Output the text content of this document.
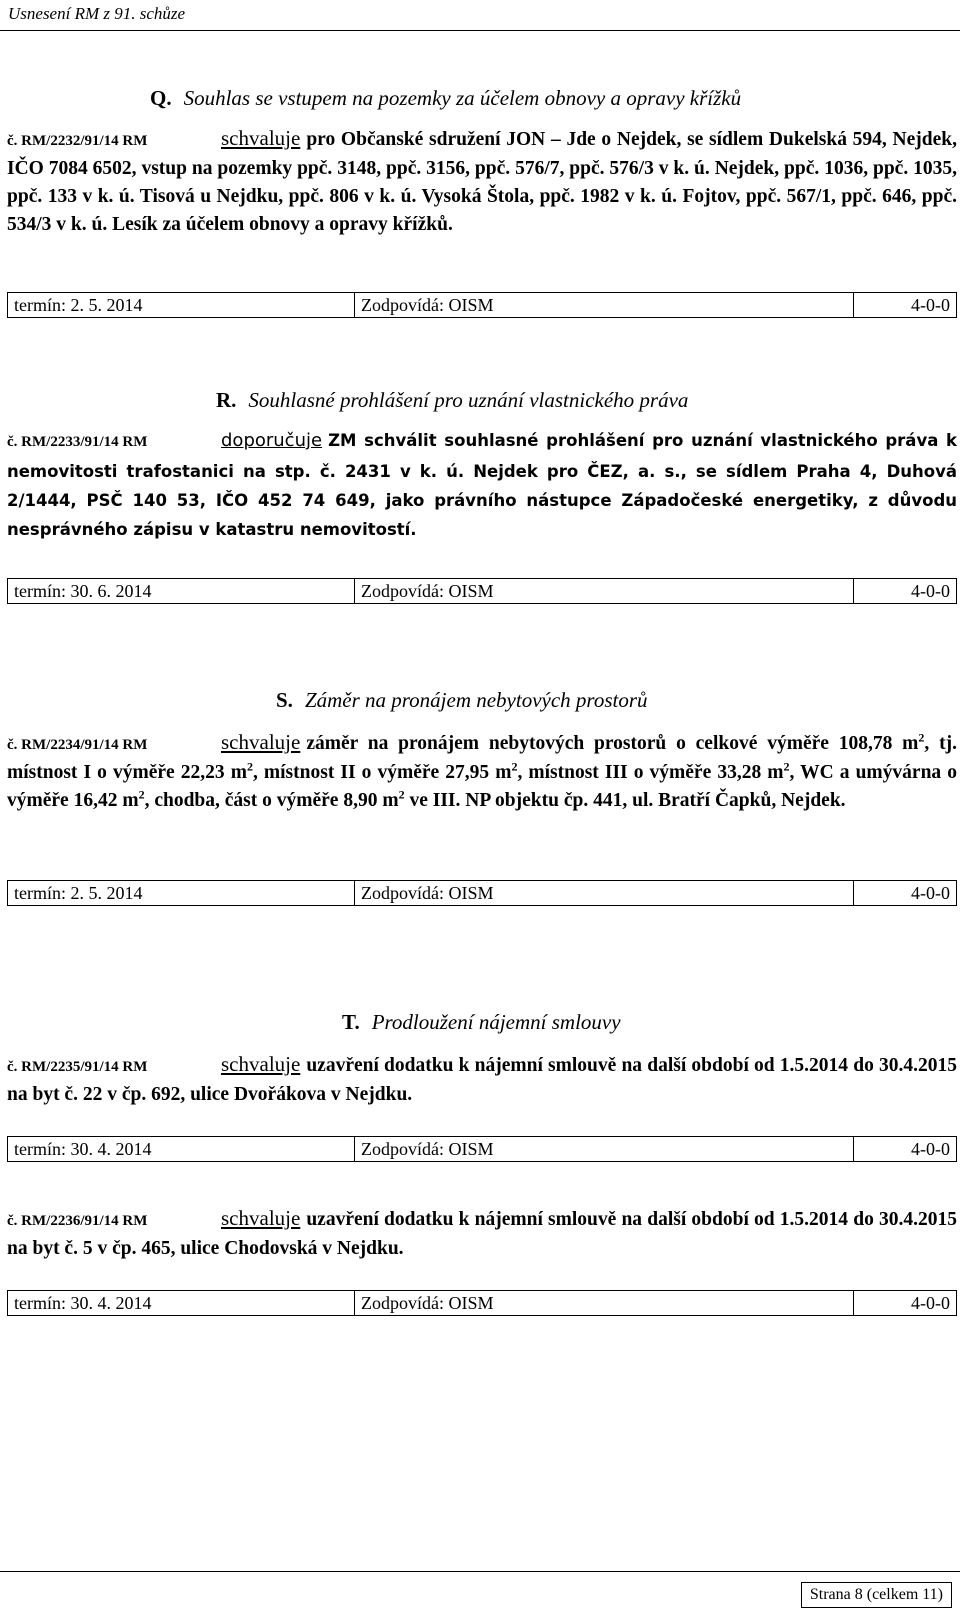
Usnesení RM z 91. schůze
Q. Souhlas se vstupem na pozemky za účelem obnovy a opravy křížků
č. RM/2232/91/14 RM	schvaluje pro Občanské sdružení JON – Jde o Nejdek, se sídlem Dukelská 594, Nejdek, IČO 7084 6502, vstup na pozemky ppč. 3148, ppč. 3156, ppč. 576/7, ppč. 576/3 v k. ú. Nejdek, ppč. 1036, ppč. 1035, ppč. 133 v k. ú. Tisová u Nejdku, ppč. 806 v k. ú. Vysoká Štola, ppč. 1982 v k. ú. Fojtov, ppč. 567/1, ppč. 646, ppč. 534/3 v k. ú. Lesík za účelem obnovy a opravy křížků.
termín: 2. 5. 2014	Zodpovídá: OISM	4-0-0
R. Souhlasné prohlášení pro uznání vlastnického práva
č. RM/2233/91/14 RM	doporučuje ZM schválit souhlasné prohlášení pro uznání vlastnického práva k nemovitosti trafostanici na stp. č. 2431 v k. ú. Nejdek pro ČEZ, a. s., se sídlem Praha 4, Duhová 2/1444, PSČ 140 53, IČO 452 74 649, jako právního nástupce Západočeské energetiky, z důvodu nesprávného zápisu v katastru nemovitostí.
termín: 30. 6. 2014	Zodpovídá: OISM	4-0-0
S. Záměr na pronájem nebytových prostorů
č. RM/2234/91/14 RM	schvaluje záměr na pronájem nebytových prostorů o celkové výměře 108,78 $m^2$, tj. místnost I o výměře 22,23 $m^2$, místnost II o výměře 27,95 $m^2$, místnost III o výměře 33,28 $m^2$, WC a umývárna o výměře 16,42 $m^2$, chodba, část o výměře 8,90 $m^2$ ve III. NP objektu čp. 441, ul. Bratří Čapků, Nejdek.
termín: 2. 5. 2014	Zodpovídá: OISM	4-0-0
T. Prodloužení nájemní smlouvy
č. RM/2235/91/14 RM	schvaluje uzavření dodatku k nájemní smlouvě na další období od 1.5.2014 do 30.4.2015 na byt č. 22 v čp. 692, ulice Dvořákova v Nejdku.
termín: 30. 4. 2014	Zodpovídá: OISM	4-0-0
č. RM/2236/91/14 RM	schvaluje uzavření dodatku k nájemní smlouvě na další období od 1.5.2014 do 30.4.2015 na byt č. 5 v čp. 465, ulice Chodovská v Nejdku.
termín: 30. 4. 2014	Zodpovídá: OISM	4-0-0
Strana 8 (celkem 11)
